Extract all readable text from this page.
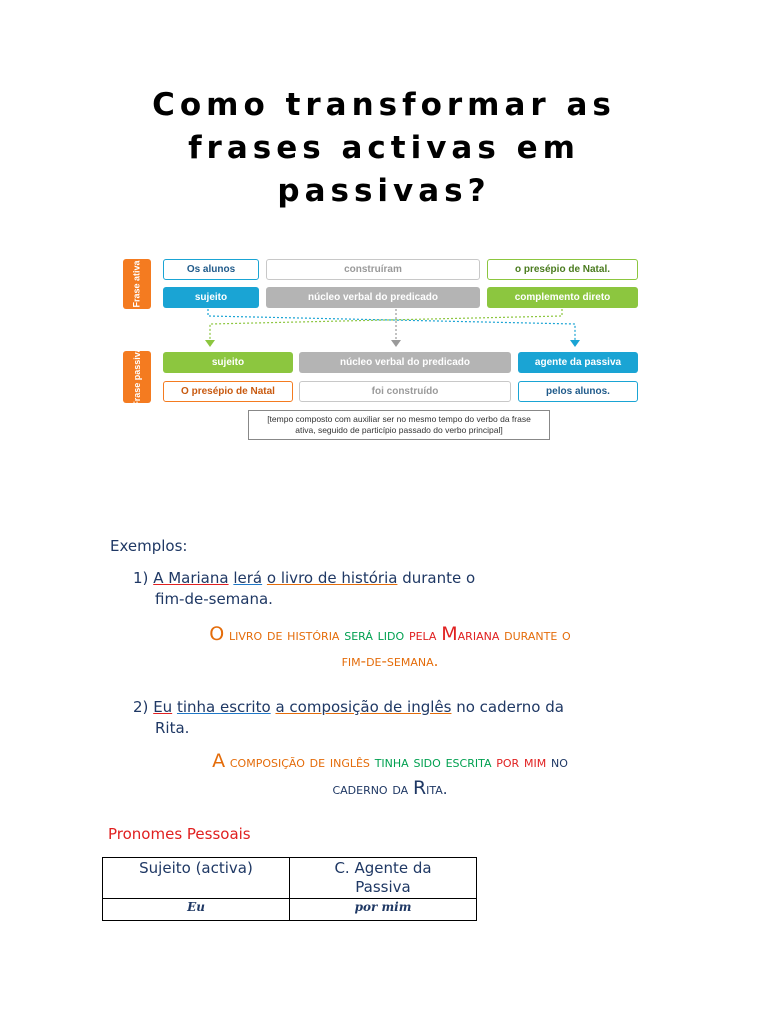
Como transformar as
frases activas em
passivas?
Frase ativa	Os alunos	construíram	o presépio de Natal.
sujeito	núcleo verbal do predicado	complemento direto
Frase passiva	sujeito	núcleo verbal do predicado	agente da passiva
O presépio de Natal	foi construído	pelos alunos.
[tempo composto com auxiliar ser no mesmo tempo do verbo da frase
ativa, seguido de particípio passado do verbo principal]
Exemplos:
1) A Mariana lerá o livro de história durante o
fim-de-semana.
O livro de história será lido pela Mariana durante o
fim-de-semana.
2) Eu tinha escrito a composição de inglês no caderno da
Rita.
A composição de inglês tinha sido escrita por mim no
caderno da Rita.
Pronomes Pessoais
Sujeito (activa)	C. Agente da
Passiva
Eu	por mim
